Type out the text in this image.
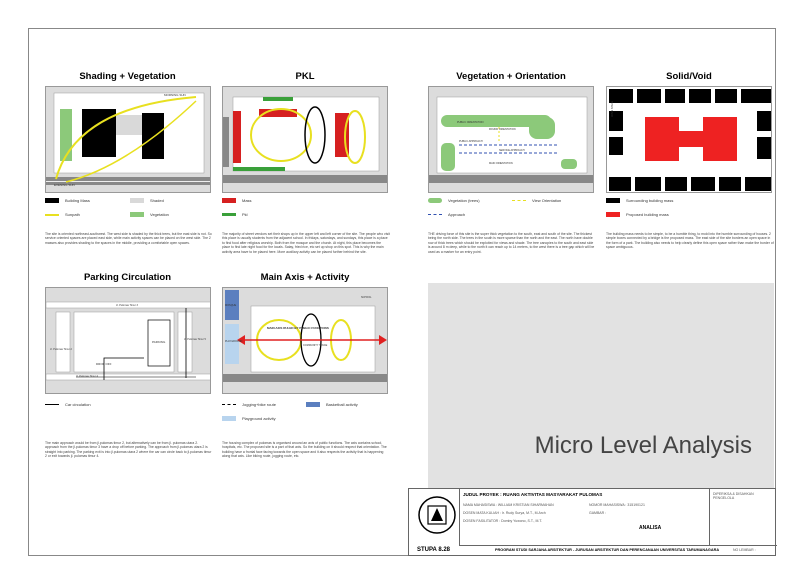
Shading + Vegetation
MORNING SUN
EVENING SUN
Building Mass	Shaded
Sunpath	Vegetation
The site is oriented northeast-southwest. The west side is shaded by the thick trees, but the east side is not. So service oriented spaces are placed east side, while main activity spaces can be placed on the west side. The 2 masses also provides shading to the spaces in the middle, providing a comfortable open spaces.
PKL
Mass
Pkl
The majority of street vendors set their shops up in the upper left and left corner of the site. The people who visit this place is usually students from the adjacent school. In fridays, saturdays, and sundays, this place is a place to find food after religious worship. Both from the mosque and the church. At night, this place becomes the place to find late night food for the locals. Satay, fried rice, etc set up shop on this spot. This is why the main activity area have to be placed here. More auxiliary activity can be placed further behind the site.
Vegetation + Orientation
PUBLIC ORIENTATION
PUBLIC APPROACH
SERVICE APPROACH
ROUND ORIENTATION
MAIN ORIENTATION
Vegetation (trees)	View Orientation
Approach
THE driving force of this site is the super thick vegetation to the south, east and south of the site. The thickest being the north side. The trees in the south is more sparse than the north and the east. The north have double row of thick trees which should be exploited for views and shade. The tree canopies to the south and east side is around 8 m deep, while to the north it can reach up to 14 meters, to the west there is a tree gap which will be used as a marker for an entry point.
Solid/Void
OPEN SPACE
Surrounding building mass
Proposed building mass
The building mass needs to be simple, to be a humble thing, to mold into the humble surrounding of houses. 2 simple boxes connected by a bridge is the proposed mass. The east side of the site borders an open space in the form of a park. The building also needs to help clearly define this open space rather than make the border of space ambiguous.
Parking Circulation
Jl. Pulomas Timur 3
Jl. Pulomas Timur 2
Jl. Pulomas Timur 5
Jl. Pulomas Timur 4
PARKING
DROP OFF
Car circulation
The main approach would be from jl.pulomas timur 2, but alternatively can be from jl. pulomas utara 2. approach from the jl.pulomas timur 3 have a drop off before parking. The approach from jl.pulomas utara 2 is straight into parking. The parking exit is into jl.pulomas utara 2 where the car can circle back to jl.pulomas timur 2 or exit towards jl. pulomas timur 4.
Main Axis + Activity
MAIN AXIS RULED BY PUBLIC FUNCTIONS
COMMUNITY SPACE
PLAYGROUND
MOSQUE
SCHOOL
Jogging+bike route	Basketball activity
Playground activity
The housing complex of pulomas is organised around an axis of public functions. The axis contains school, hospitals, etc. The proposed site is a part of that axis. So the building on it should respect that orientation. The building have a frontal face facing towards the open space and it also respects the activity that is happening along that axis. Like biking route, jogging route, etc.	Micro Level Analysis
JUDUL PROYEK : RUANG AKTIVITAS MASYARAKAT PULOMAS
NAMA MAHASISWA : WILLIAM KRISTIAN SIHARMAHAN	NOMOR MAHASISWA : 315190121
DOSEN MATA KULIAH : Ir. Rudy Surya, M.T., M.Arch	GAMBAR :
DOSEN FASILITATOR : Domby Yuwono, S.T., M.T.
ANALISA
STUPA 8.28	PROGRAM STUDI SARJANA ARSITEKTUR - JURUSAN ARSITEKTUR DAN PERENCANAAN UNIVERSITAS TARUMANAGARA
DIPERIKSA & DISAHKAN PENGELOLA
NO LEMBAR :
